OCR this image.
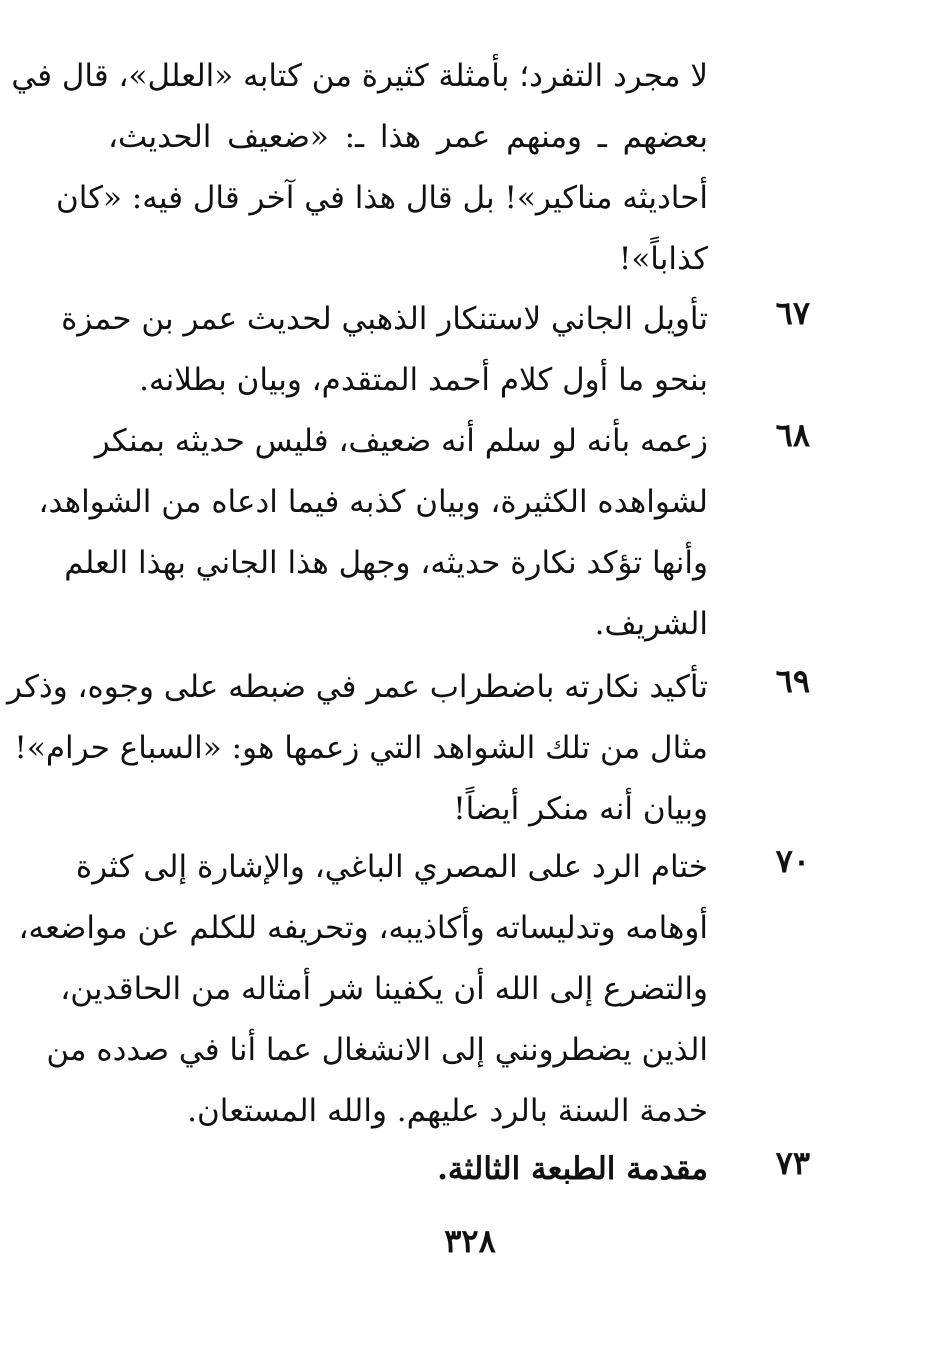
لا مجرد التفرد؛ بأمثلة كثيرة من كتابه «العلل»، قال في
بعضهم ـ ومنهم عمر هذا ـ: «ضعيف الحديث،
أحاديثه مناكير»! بل قال هذا في آخر قال فيه: «كان
كذاباً»!
٦٧
تأويل الجاني لاستنكار الذهبي لحديث عمر بن حمزة
بنحو ما أول كلام أحمد المتقدم، وبيان بطلانه.
٦٨
زعمه بأنه لو سلم أنه ضعيف، فليس حديثه بمنكر
لشواهده الكثيرة، وبيان كذبه فيما ادعاه من الشواهد،
وأنها تؤكد نكارة حديثه، وجهل هذا الجاني بهذا العلم
الشريف.
٦٩
تأكيد نكارته باضطراب عمر في ضبطه على وجوه، وذكر
مثال من تلك الشواهد التي زعمها هو: «السباع حرام»!
وبيان أنه منكر أيضاً!
٧٠
ختام الرد على المصري الباغي، والإشارة إلى كثرة
أوهامه وتدليساته وأكاذيبه، وتحريفه للكلم عن مواضعه،
والتضرع إلى الله أن يكفينا شر أمثاله من الحاقدين،
الذين يضطرونني إلى الانشغال عما أنا في صدده من
خدمة السنة بالرد عليهم. والله المستعان.
٧٣
مقدمة الطبعة الثالثة.
٣٢٨
